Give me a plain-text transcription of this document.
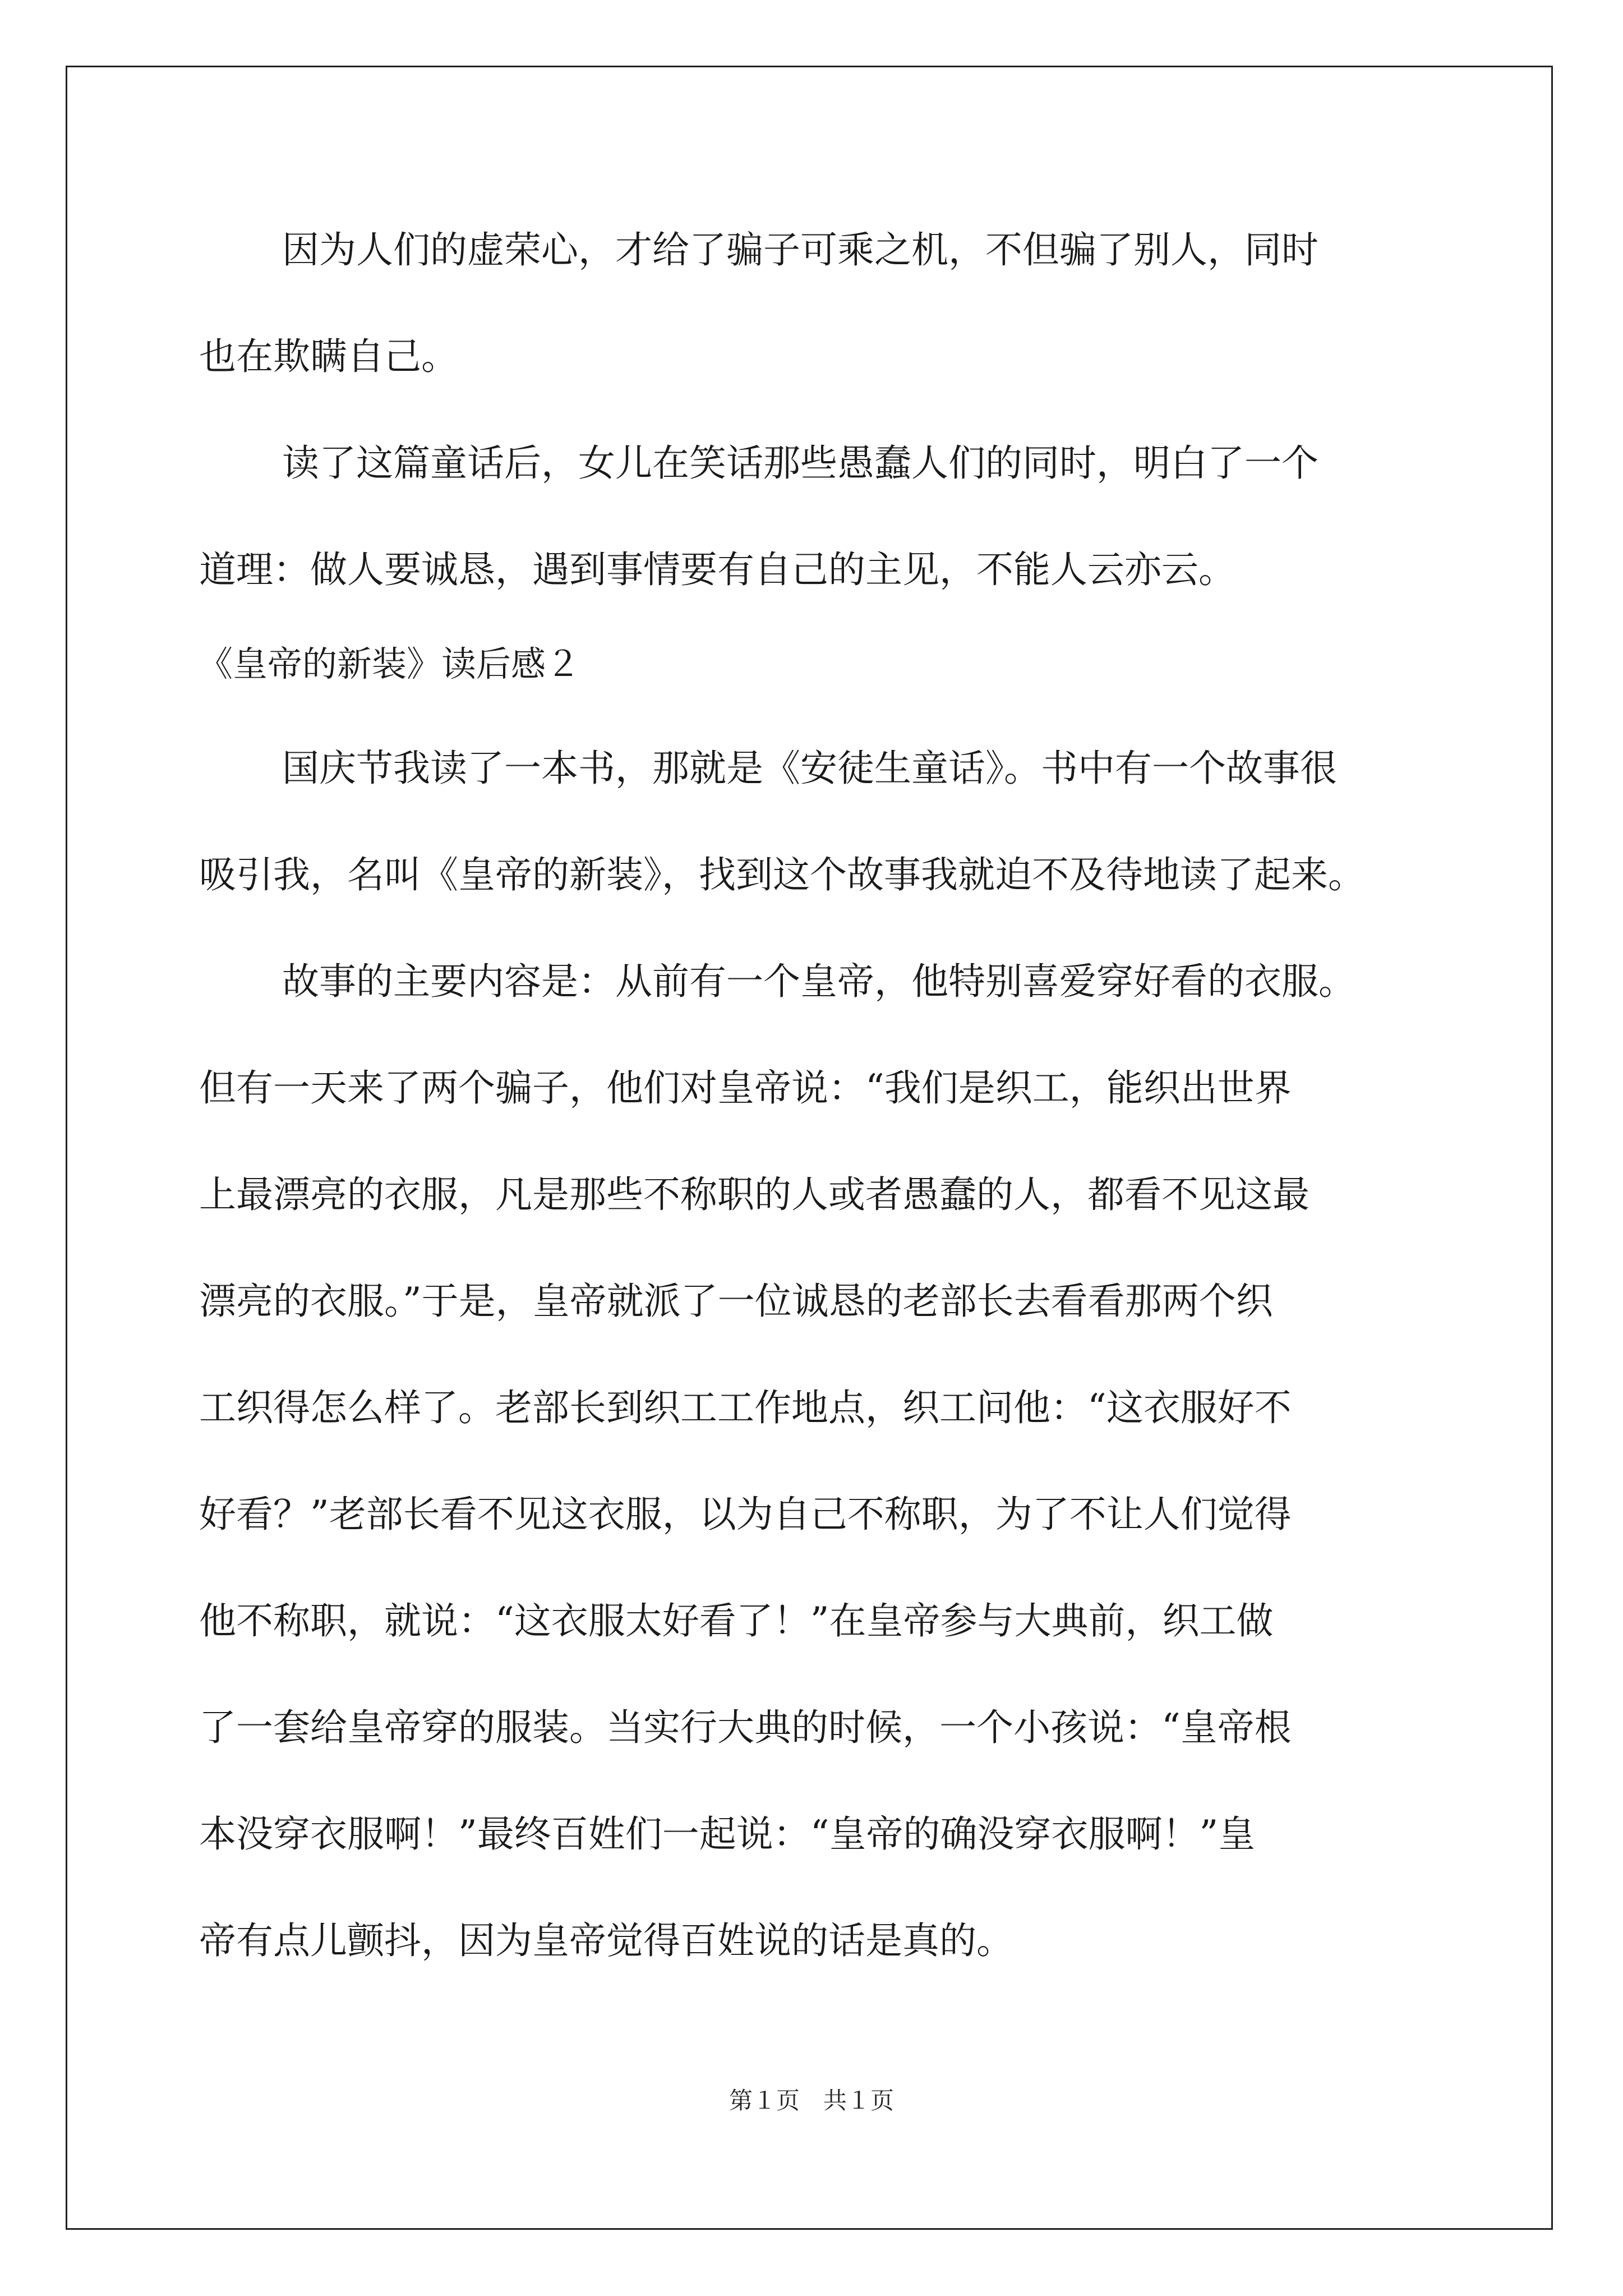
因为人们的虚荣心，才给了骗子可乘之机，不但骗了别人，同时
也在欺瞒自己。
读了这篇童话后，女儿在笑话那些愚蠢人们的同时，明白了一个
道理：做人要诚恳，遇到事情要有自己的主见，不能人云亦云。
《皇帝的新装》读后感２
国庆节我读了一本书，那就是《安徒生童话》。书中有一个故事很
吸引我，名叫《皇帝的新装》，找到这个故事我就迫不及待地读了起来。
故事的主要内容是：从前有一个皇帝，他特别喜爱穿好看的衣服。
但有一天来了两个骗子，他们对皇帝说：“我们是织工，能织出世界
上最漂亮的衣服，凡是那些不称职的人或者愚蠢的人，都看不见这最
漂亮的衣服。”于是，皇帝就派了一位诚恳的老部长去看看那两个织
工织得怎么样了。老部长到织工工作地点，织工问他：“这衣服好不
好看？”老部长看不见这衣服，以为自己不称职，为了不让人们觉得
他不称职，就说：“这衣服太好看了！”在皇帝参与大典前，织工做
了一套给皇帝穿的服装。当实行大典的时候，一个小孩说：“皇帝根
本没穿衣服啊！”最终百姓们一起说：“皇帝的确没穿衣服啊！”皇
帝有点儿颤抖，因为皇帝觉得百姓说的话是真的。
第１页　共１页
